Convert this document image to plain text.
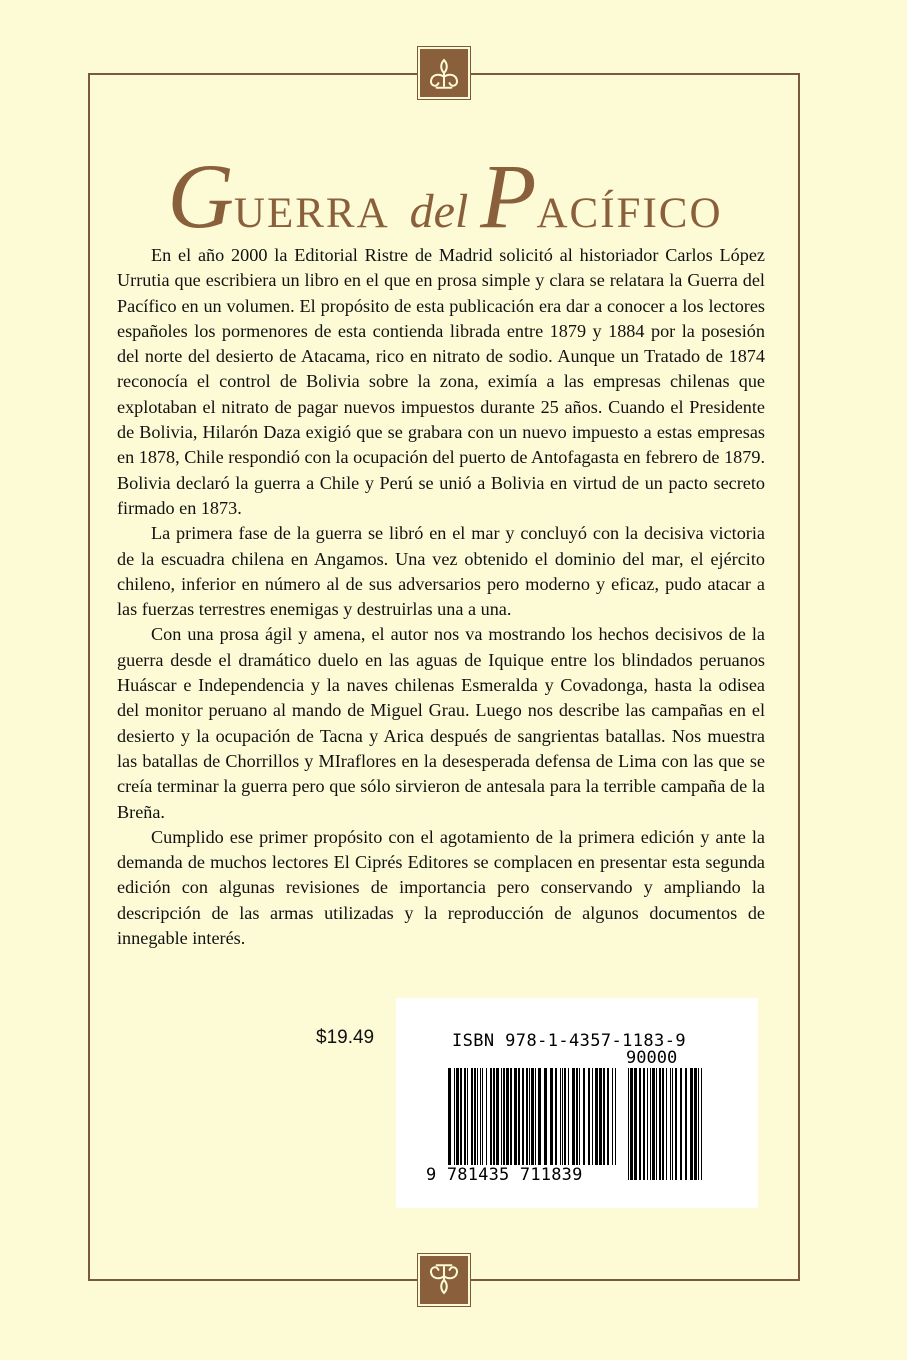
GUERRA del PACÍFICO

En el año 2000 la Editorial Ristre de Madrid solicitó al historiador Carlos López Urrutia que escribiera un libro en el que en prosa simple y clara se relatara la Guerra del Pacífico en un volumen. El propósito de esta publicación era dar a conocer a los lectores españoles los pormenores de esta contienda librada entre 1879 y 1884 por la posesión del norte del desierto de Atacama, rico en nitrato de sodio. Aunque un Tratado de 1874 reconocía el control de Bolivia sobre la zona, eximía a las empresas chilenas que explotaban el nitrato de pagar nuevos impuestos durante 25 años. Cuando el Presidente de Bolivia, Hilarón Daza exigió que se grabara con un nuevo impuesto a estas empresas en 1878, Chile respondió con la ocupación del puerto de Antofagasta en febrero de 1879. Bolivia declaró la guerra a Chile y Perú se unió a Bolivia en virtud de un pacto secreto firmado en 1873.

La primera fase de la guerra se libró en el mar y concluyó con la decisiva victoria de la escuadra chilena en Angamos. Una vez obtenido el dominio del mar, el ejército chileno, inferior en número al de sus adversarios pero moderno y eficaz, pudo atacar a las fuerzas terrestres enemigas y destruirlas una a una.

Con una prosa ágil y amena, el autor nos va mostrando los hechos decisivos de la guerra desde el dramático duelo en las aguas de Iquique entre los blindados peruanos Huáscar e Independencia y la naves chilenas Esmeralda y Covadonga, hasta la odisea del monitor peruano al mando de Miguel Grau. Luego nos describe las campañas en el desierto y la ocupación de Tacna y Arica después de sangrientas batallas. Nos muestra las batallas de Chorrillos y MIraflores en la desesperada defensa de Lima con las que se creía terminar la guerra pero que sólo sirvieron de antesala para la terrible campaña de la Breña.

Cumplido ese primer propósito con el agotamiento de la primera edición y ante la demanda de muchos lectores El Ciprés Editores se complacen en presentar esta segunda edición con algunas revisiones de importancia pero conservando y ampliando la descripción de las armas utilizadas y la reproducción de algunos documentos de innegable interés.

$19.49	ISBN 978-1-4357-1183-9
90000
9 781435 711839
